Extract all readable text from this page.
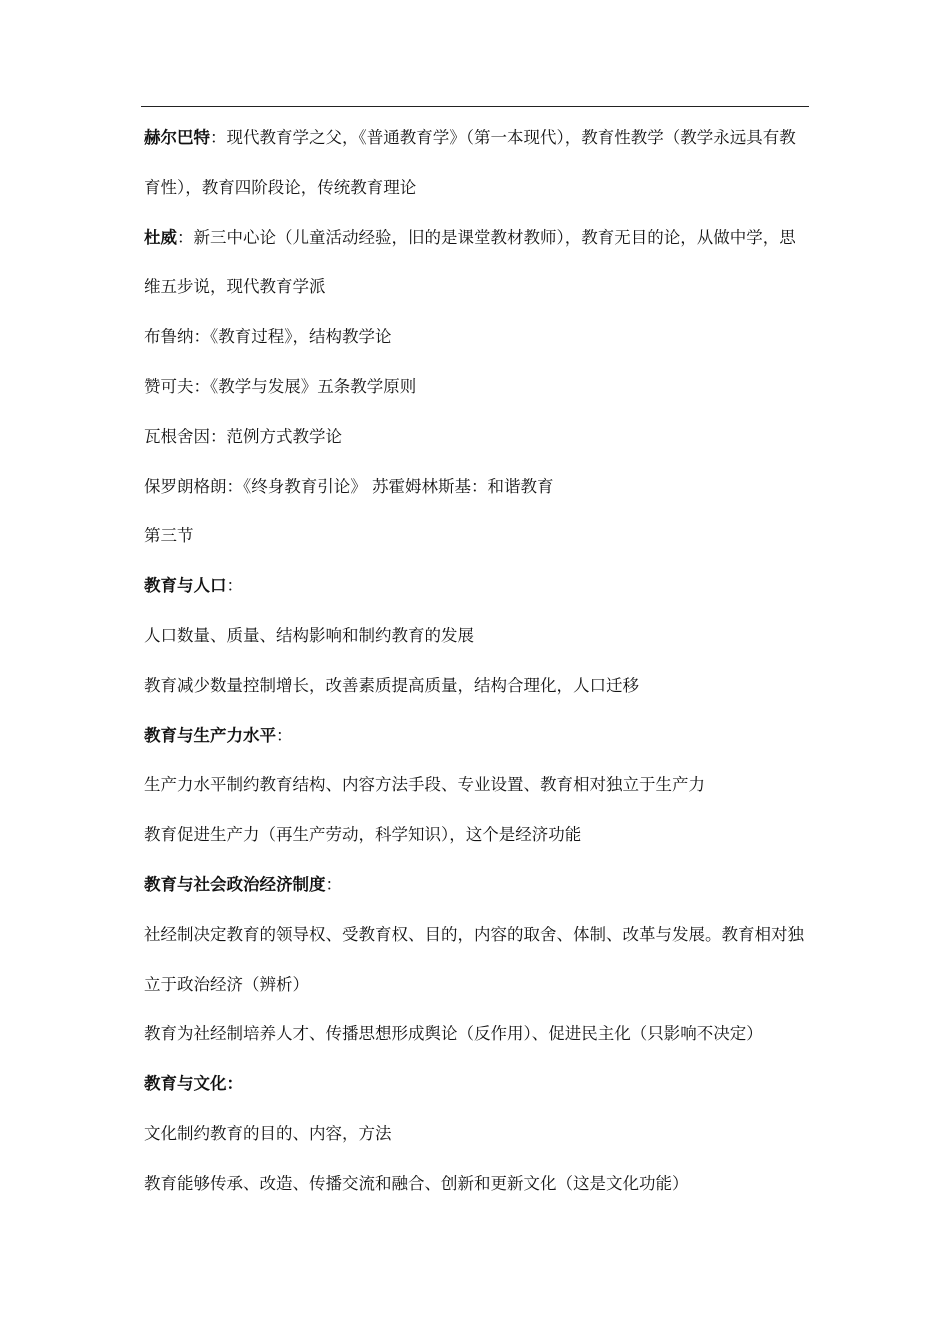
赫尔巴特：现代教育学之父，《普通教育学》（第一本现代），教育性教学（教学永远具有教
育性），教育四阶段论，传统教育理论
杜威：新三中心论（儿童活动经验，旧的是课堂教材教师），教育无目的论，从做中学，思
维五步说，现代教育学派
布鲁纳：《教育过程》，结构教学论
赞可夫：《教学与发展》五条教学原则
瓦根舍因：范例方式教学论
保罗朗格朗：《终身教育引论》 苏霍姆林斯基：和谐教育
第三节
教育与人口：
人口数量、质量、结构影响和制约教育的发展
教育减少数量控制增长，改善素质提高质量，结构合理化，人口迁移
教育与生产力水平：
生产力水平制约教育结构、内容方法手段、专业设置、教育相对独立于生产力
教育促进生产力（再生产劳动，科学知识），这个是经济功能
教育与社会政治经济制度：
社经制决定教育的领导权、受教育权、目的，内容的取舍、体制、改革与发展。教育相对独
立于政治经济（辨析）
教育为社经制培养人才、传播思想形成舆论（反作用）、促进民主化（只影响不决定）
教育与文化：
文化制约教育的目的、内容，方法
教育能够传承、改造、传播交流和融合、创新和更新文化（这是文化功能）
